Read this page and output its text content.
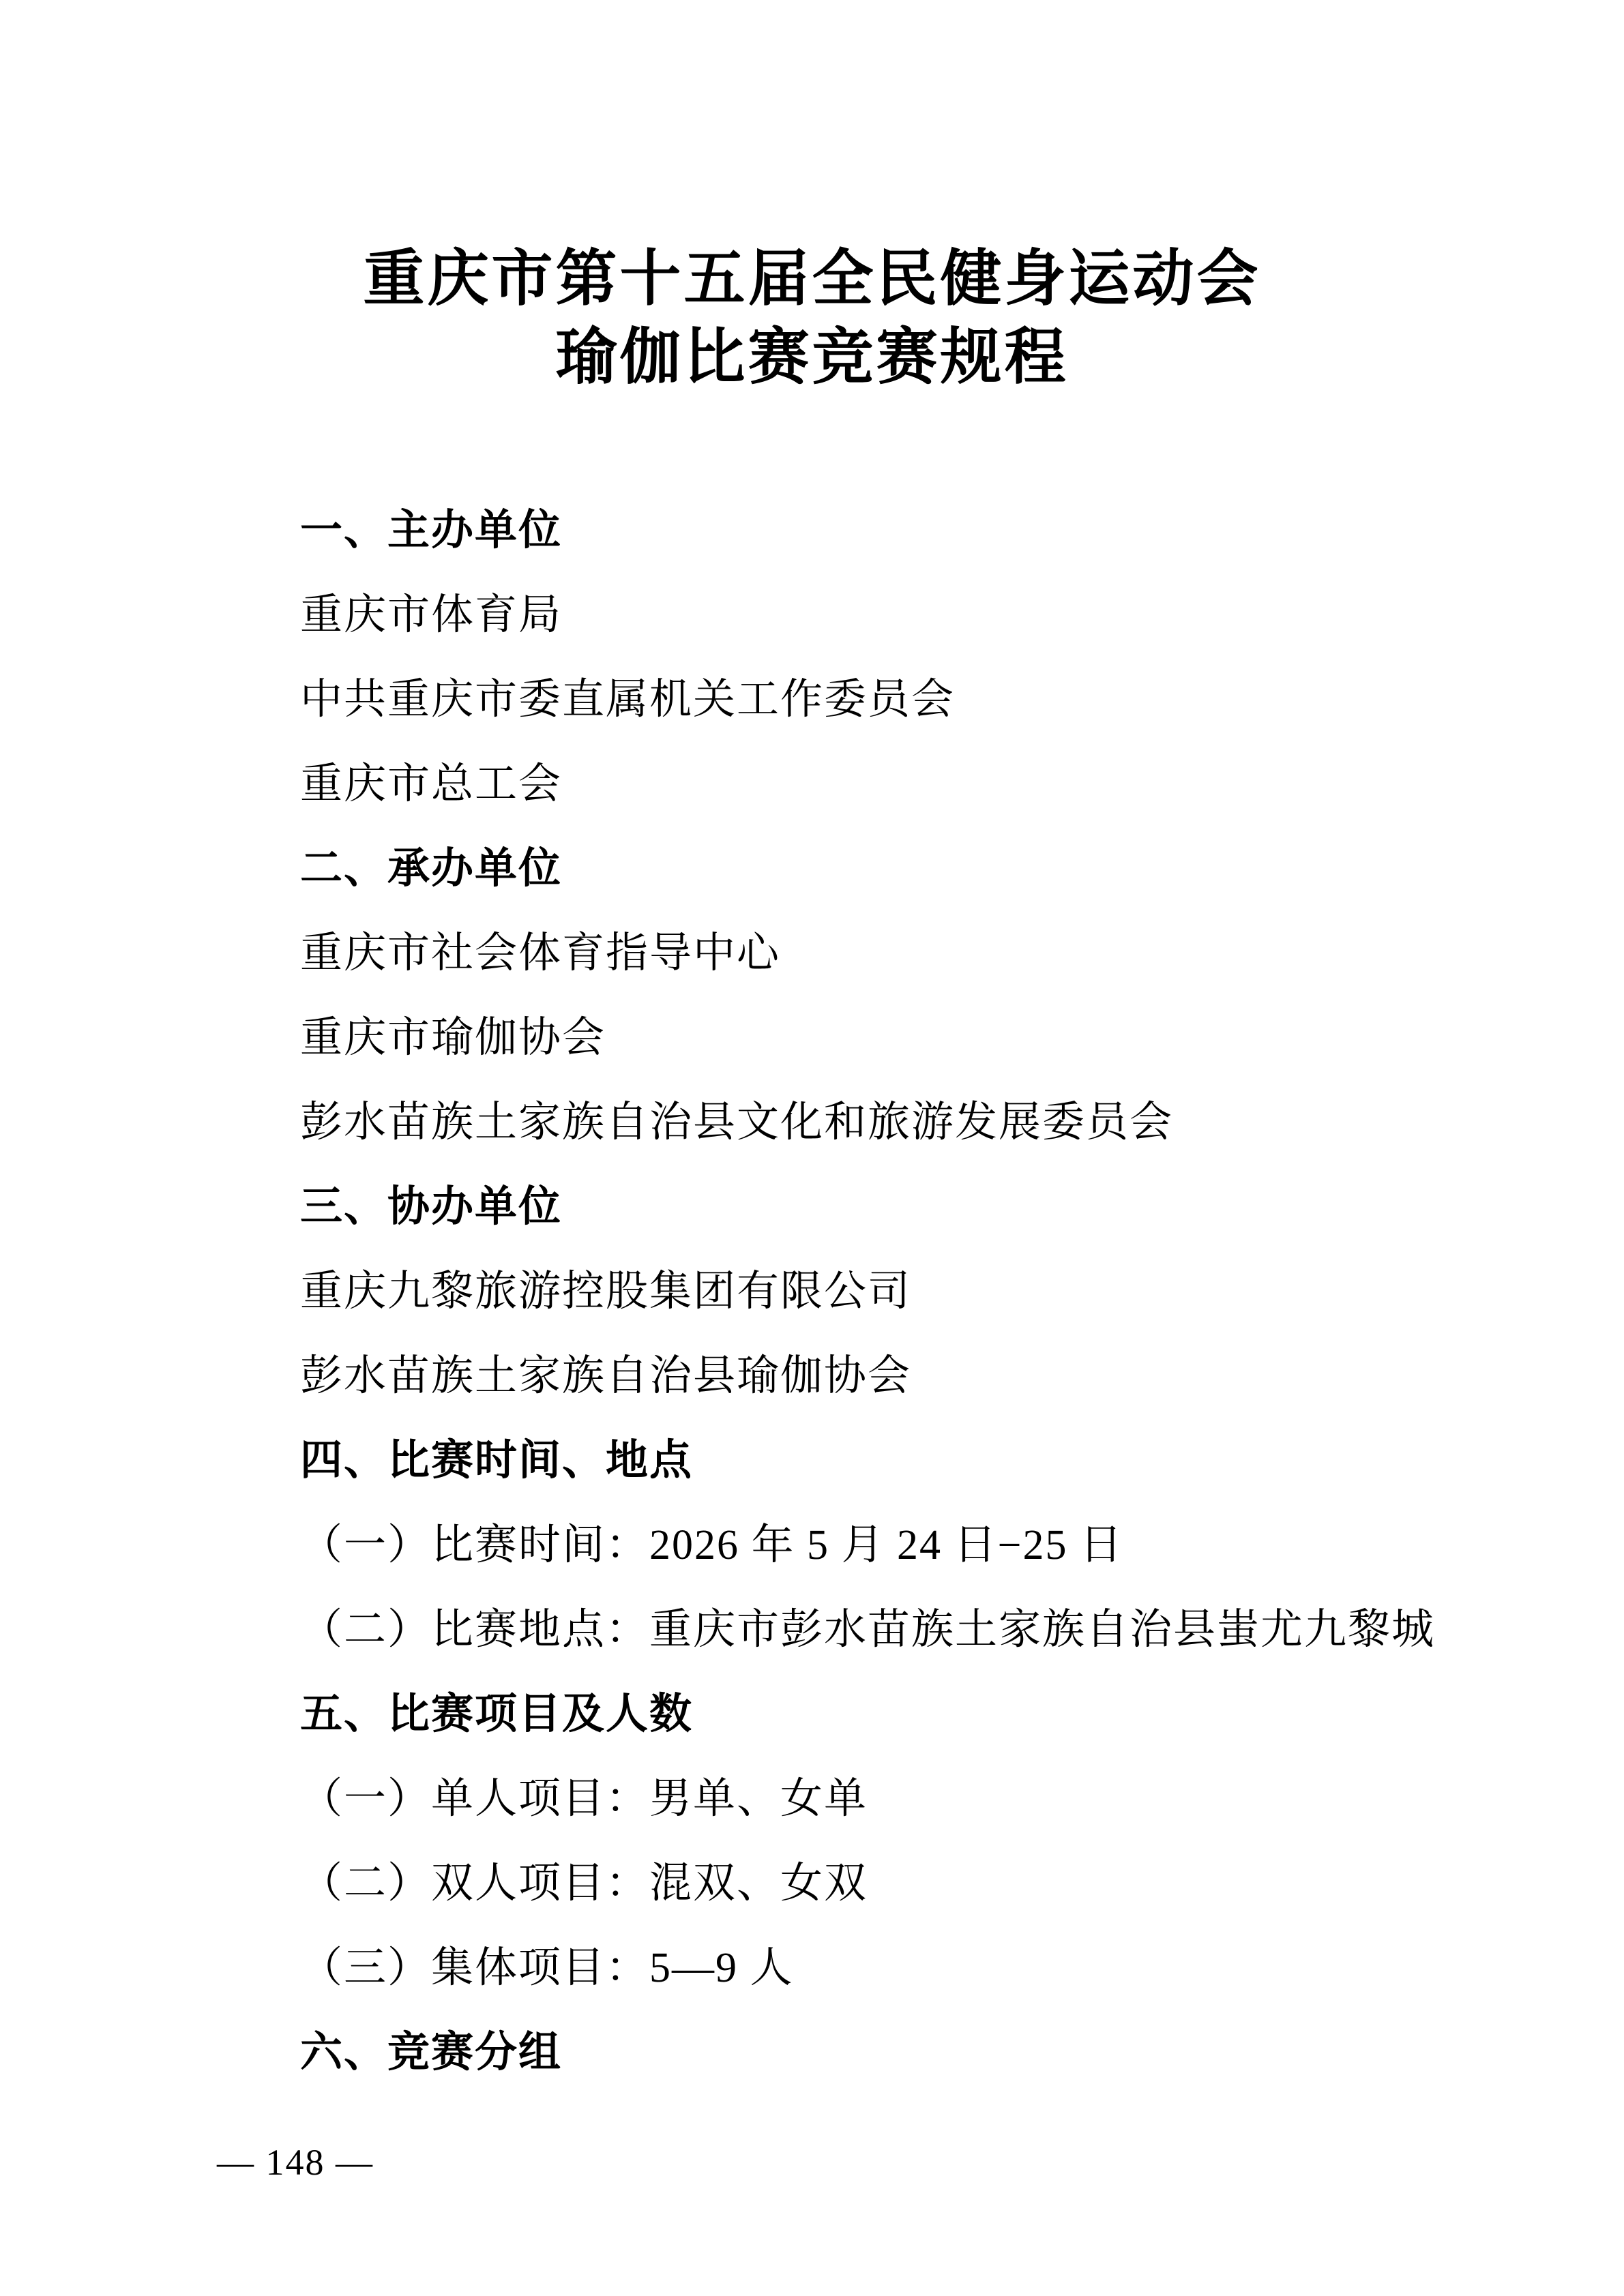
重庆市第十五届全民健身运动会
瑜伽比赛竞赛规程
一、主办单位
重庆市体育局
中共重庆市委直属机关工作委员会
重庆市总工会
二、承办单位
重庆市社会体育指导中心
重庆市瑜伽协会
彭水苗族土家族自治县文化和旅游发展委员会
三、协办单位
重庆九黎旅游控股集团有限公司
彭水苗族土家族自治县瑜伽协会
四、比赛时间、地点
（一）比赛时间：2026 年 5 月 24 日−25 日
（二）比赛地点：重庆市彭水苗族土家族自治县蚩尤九黎城
五、比赛项目及人数
（一）单人项目：男单、女单
（二）双人项目：混双、女双
（三）集体项目：5—9 人
六、竞赛分组
— 148 —
